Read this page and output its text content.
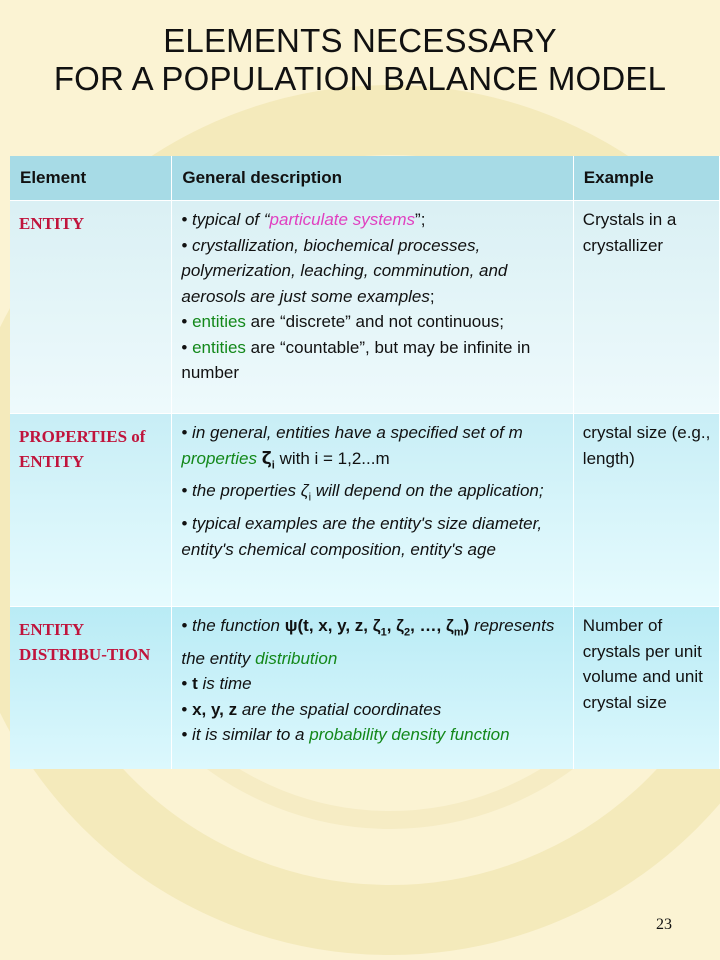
ELEMENTS NECESSARY
FOR A POPULATION BALANCE MODEL
Element	General description	Example

ENTITY	• typical of “particulate systems”;
• crystallization, biochemical processes, polymerization, leaching, comminution, and aerosols are just some examples;
• entities are “discrete” and not continuous;
• entities are “countable”, but may be infinite in number	Crystals in a crystallizer

PROPERTIES of ENTITY	• in general, entities have a specified set of m properties $\zeta_i$ with i = 1,2...m
• the properties $\zeta_i$ will depend on the application;
• typical examples are the entity's size diameter, entity's chemical composition, entity's age	crystal size (e.g., length)

ENTITY DISTRIBU-TION	• the function ψ(t, x, y, z, $\zeta_1$, $\zeta_2$, …, $\zeta_m$) represents the entity distribution
• t is time
• x, y, z are the spatial coordinates
• it is similar to a probability density function	Number of crystals per unit volume and unit crystal size
23
